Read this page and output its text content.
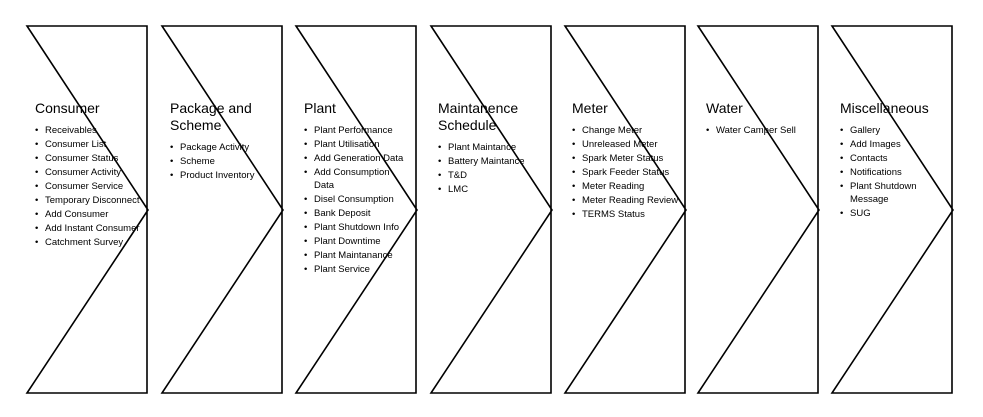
Consumer
• Receivables
• Consumer List
• Consumer Status
• Consumer Activity
• Consumer Service
• Temporary Disconnect
• Add Consumer
• Add Instant Consumer
• Catchment Survey
Package and Scheme
• Package Activity
• Scheme
• Product Inventory
Plant
• Plant Performance
• Plant Utilisation
• Add Generation Data
• Add Consumption Data
• Disel Consumption
• Bank Deposit
• Plant Shutdown Info
• Plant Downtime
• Plant Maintanance
• Plant Service
Maintanence Schedule
• Plant Maintance
• Battery Maintance
• T&D
• LMC
Meter
• Change Meter
• Unreleased Meter
• Spark Meter Status
• Spark Feeder Status
• Meter Reading
• Meter Reading Review
• TERMS Status
Water
• Water Camper Sell
Miscellaneous
• Gallery
• Add Images
• Contacts
• Notifications
• Plant Shutdown Message
• SUG
